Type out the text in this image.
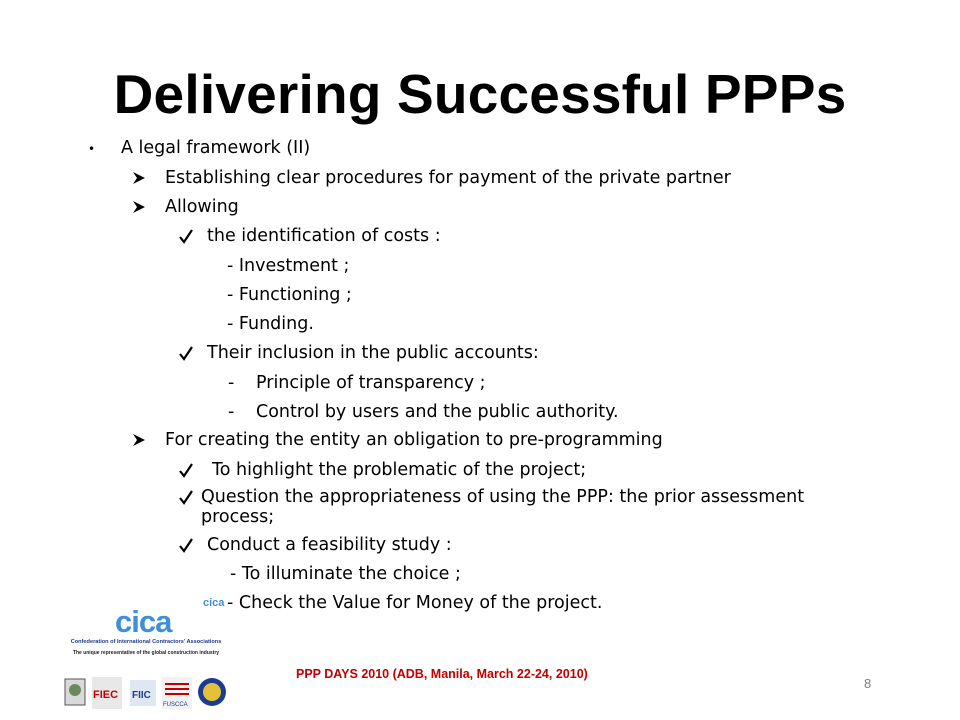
Delivering Successful PPPs
• A legal framework (II)
Establishing clear procedures for payment of the private partner
Allowing
the identification of costs :
- Investment ;
- Functioning ;
- Funding.
Their inclusion in the public accounts:
- Principle of transparency ;
- Control by users and the public authority.
For creating the entity an obligation to pre-programming
To highlight the problematic of the project;
Question the appropriateness of using the PPP: the prior assessment
process;
Conduct a feasibility study :
- To illuminate the choice ;
cica - Check the Value for Money of the project.
cica
Confederation of International Contractors' Associations
The unique representative of the global construction industry
FIEC FIIC
FUSCCA
PPP DAYS 2010 (ADB, Manila, March 22-24, 2010)
8
